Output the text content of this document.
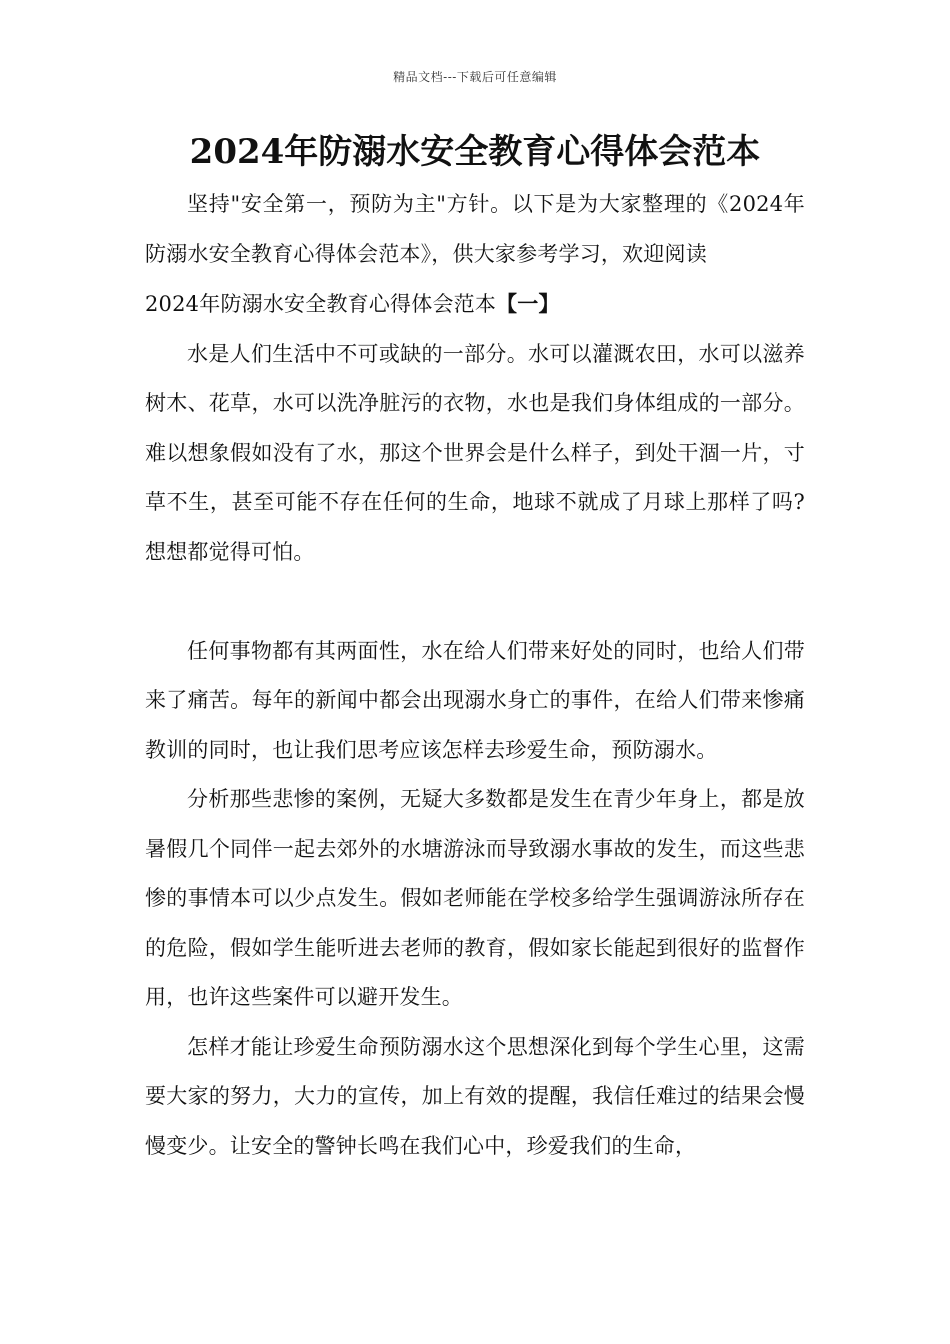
精品文档---下载后可任意编辑
2024年防溺水安全教育心得体会范本

坚持"安全第一，预防为主"方针。以下是为大家整理的《2024年防溺水安全教育心得体会范本》，供大家参考学习，欢迎阅读

2024年防溺水安全教育心得体会范本【一】

水是人们生活中不可或缺的一部分。水可以灌溉农田，水可以滋养树木、花草，水可以洗净脏污的衣物，水也是我们身体组成的一部分。难以想象假如没有了水，那这个世界会是什么样子，到处干涸一片，寸草不生，甚至可能不存在任何的生命，地球不就成了月球上那样了吗?想想都觉得可怕。

任何事物都有其两面性，水在给人们带来好处的同时，也给人们带来了痛苦。每年的新闻中都会出现溺水身亡的事件，在给人们带来惨痛教训的同时，也让我们思考应该怎样去珍爱生命，预防溺水。

分析那些悲惨的案例，无疑大多数都是发生在青少年身上，都是放暑假几个同伴一起去郊外的水塘游泳而导致溺水事故的发生，而这些悲惨的事情本可以少点发生。假如老师能在学校多给学生强调游泳所存在的危险，假如学生能听进去老师的教育，假如家长能起到很好的监督作用，也许这些案件可以避开发生。

怎样才能让珍爱生命预防溺水这个思想深化到每个学生心里，这需要大家的努力，大力的宣传，加上有效的提醒，我信任难过的结果会慢慢变少。让安全的警钟长鸣在我们心中，珍爱我们的生命，
